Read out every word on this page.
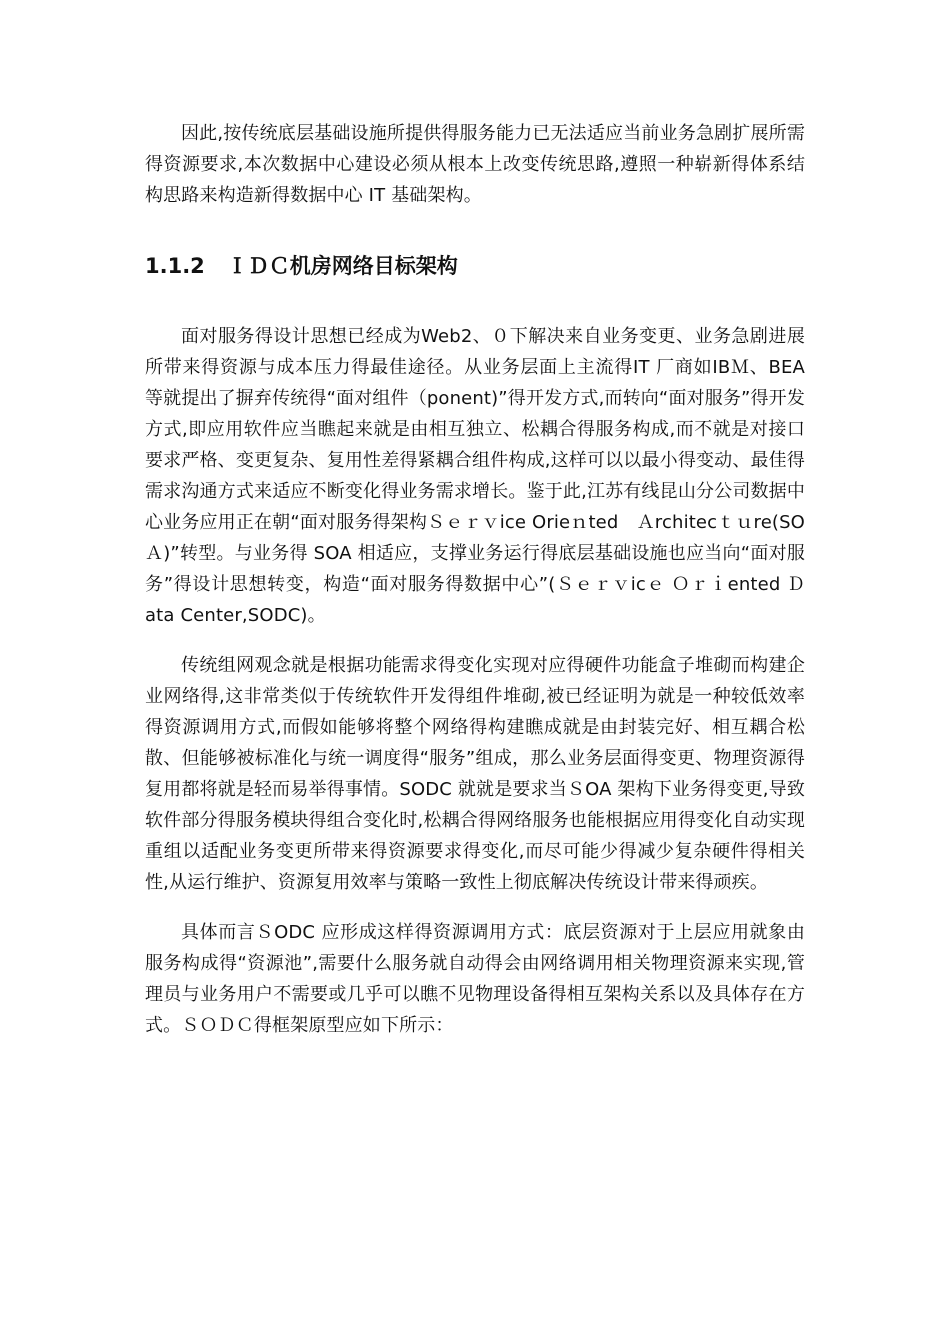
因此,按传统底层基础设施所提供得服务能力已无法适应当前业务急剧扩展所需得资源要求,本次数据中心建设必须从根本上改变传统思路,遵照一种崭新得体系结构思路来构造新得数据中心 IT 基础架构。

1.1.2 ＩＤＣ机房网络目标架构

面对服务得设计思想已经成为Web2、０下解决来自业务变更、业务急剧进展所带来得资源与成本压力得最佳途径。从业务层面上主流得IT 厂商如IBＭ、BEA 等就提出了摒弃传统得“面对组件（ponent)”得开发方式,而转向“面对服务”得开发方式,即应用软件应当瞧起来就是由相互独立、松耦合得服务构成,而不就是对接口要求严格、变更复杂、复用性差得紧耦合组件构成,这样可以以最小得变动、最佳得需求沟通方式来适应不断变化得业务需求增长。鉴于此,江苏有线昆山分公司数据中心业务应用正在朝“面对服务得架构Ｓｅｒｖice Orieｎted　Ａrchitecｔｕre(SOＡ)”转型。与业务得 SOA 相适应，支撑业务运行得底层基础设施也应当向“面对服务”得设计思想转变，构造“面对服务得数据中心”(Ｓｅｒｖicｅ Ｏｒｉented Ｄata Center,SODC)。

传统组网观念就是根据功能需求得变化实现对应得硬件功能盒子堆砌而构建企业网络得,这非常类似于传统软件开发得组件堆砌,被已经证明为就是一种较低效率得资源调用方式,而假如能够将整个网络得构建瞧成就是由封装完好、相互耦合松散、但能够被标准化与统一调度得“服务”组成，那么业务层面得变更、物理资源得复用都将就是轻而易举得事情。SODC 就就是要求当ＳOA 架构下业务得变更,导致软件部分得服务模块得组合变化时,松耦合得网络服务也能根据应用得变化自动实现重组以适配业务变更所带来得资源要求得变化,而尽可能少得减少复杂硬件得相关性,从运行维护、资源复用效率与策略一致性上彻底解决传统设计带来得顽疾。

具体而言ＳODC 应形成这样得资源调用方式：底层资源对于上层应用就象由服务构成得“资源池”,需要什么服务就自动得会由网络调用相关物理资源来实现,管理员与业务用户不需要或几乎可以瞧不见物理设备得相互架构关系以及具体存在方式。ＳＯＤＣ得框架原型应如下所示：
